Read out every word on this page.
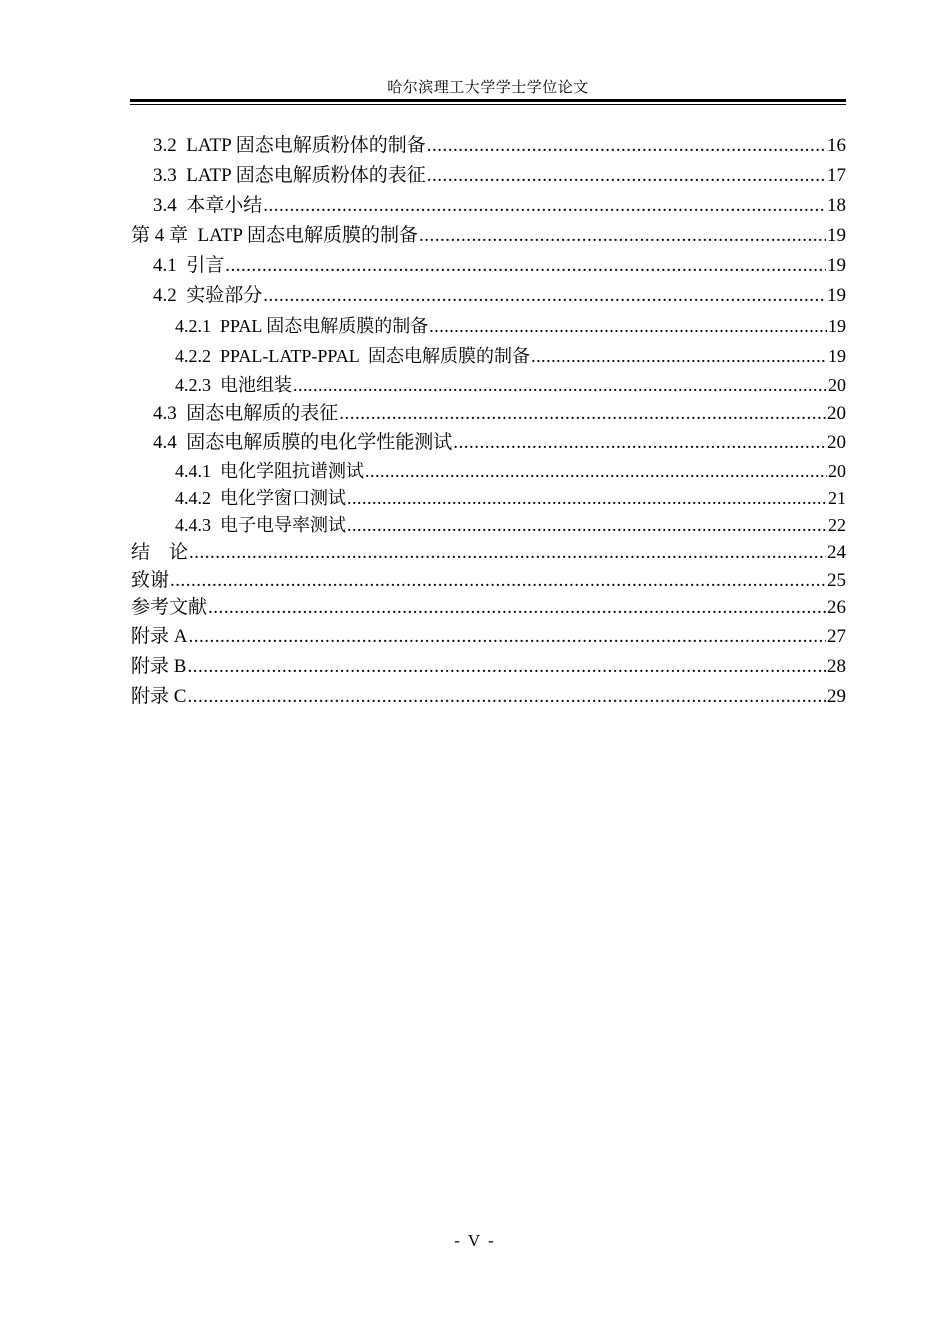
哈尔滨理工大学学士学位论文
3.2  LATP 固态电解质粉体的制备 .....	16
3.3  LATP 固态电解质粉体的表征 .....	17
3.4  本章小结 .....	18
第 4 章  LATP 固态电解质膜的制备 .....	19
4.1  引言 .....	19
4.2  实验部分 .....	19
4.2.1  PPAL 固态电解质膜的制备 .....	19
4.2.2  PPAL-LATP-PPAL  固态电解质膜的制备 .....	19
4.2.3  电池组装 .....	20
4.3  固态电解质的表征 .....	20
4.4  固态电解质膜的电化学性能测试 .....	20
4.4.1  电化学阻抗谱测试 .....	20
4.4.2  电化学窗口测试 .....	21
4.4.3  电子电导率测试 .....	22
结    论 .....	24
致谢 .....	25
参考文献 .....	26
附录 A .....	27
附录 B .....	28
附录 C .....	29
- V -
